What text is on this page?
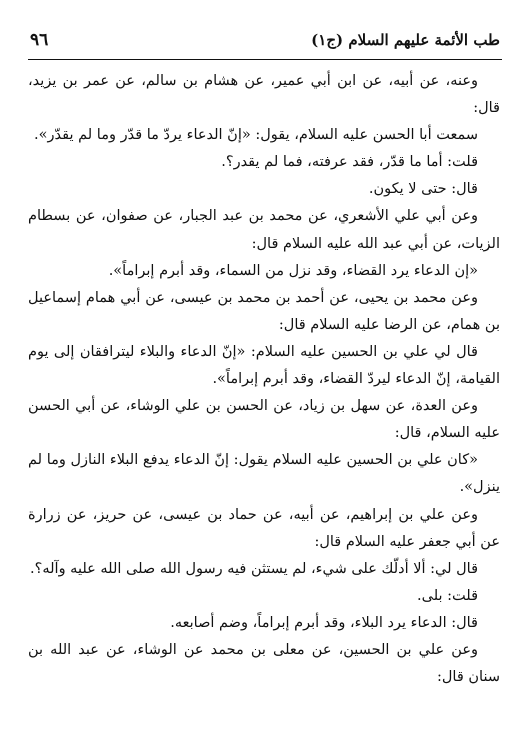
٩٦	طب الأئمة عليهم السلام (ج١)

وعنه، عن أبيه، عن ابن أبي عمير، عن هشام بن سالم، عن عمر بن يزيد، قال:

سمعت أبا الحسن عليه السلام، يقول: «إنّ الدعاء يردّ ما قدّر وما لم يقدّر».

قلت: أما ما قدّر، فقد عرفته، فما لم يقدر؟.

قال: حتى لا يكون.

وعن أبي علي الأشعري، عن محمد بن عبد الجبار، عن صفوان، عن بسطام الزيات، عن أبي عبد الله عليه السلام قال:

«إن الدعاء يرد القضاء، وقد نزل من السماء، وقد أبرم إبراماً».

وعن محمد بن يحيى، عن أحمد بن محمد بن عيسى، عن أبي همام إسماعيل بن همام، عن الرضا عليه السلام قال:

قال لي علي بن الحسين عليه السلام: «إنّ الدعاء والبلاء ليترافقان إلى يوم القيامة، إنّ الدعاء ليردّ القضاء، وقد أبرم إبراماً».

وعن العدة، عن سهل بن زياد، عن الحسن بن علي الوشاء، عن أبي الحسن عليه السلام، قال:

«كان علي بن الحسين عليه السلام يقول: إنّ الدعاء يدفع البلاء النازل وما لم ينزل».

وعن علي بن إبراهيم، عن أبيه، عن حماد بن عيسى، عن حريز، عن زرارة عن أبي جعفر عليه السلام قال:

قال لي: ألا أدلّك على شيء، لم يستثن فيه رسول الله صلى الله عليه وآله؟.

قلت: بلى.

قال: الدعاء يرد البلاء، وقد أبرم إبراماً، وضم أصابعه.

وعن علي بن الحسين، عن معلى بن محمد عن الوشاء، عن عبد الله بن سنان قال:
